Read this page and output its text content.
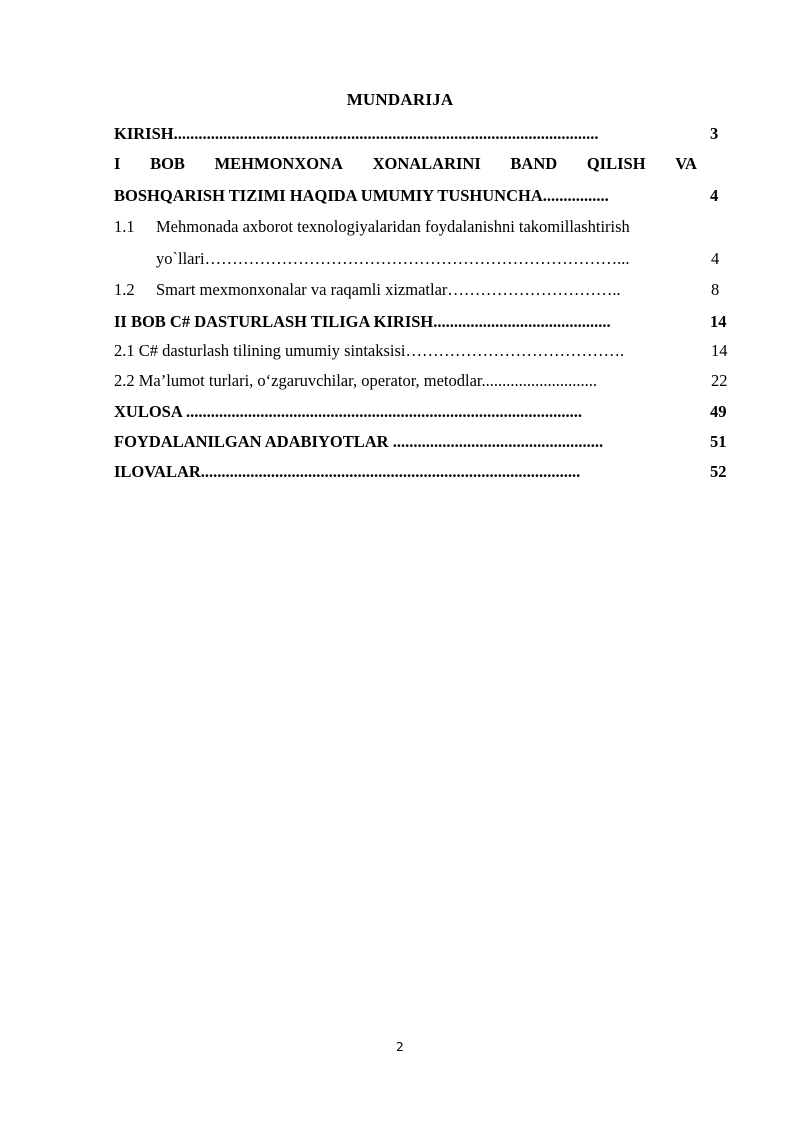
MUNDARIJA
KIRISH.......................................................................................................	3
I BOB MEHMONXONA XONALARINI BAND QILISH VA
BOSHQARISH TIZIMI HAQIDA UMUMIY TUSHUNCHA................	4
1.1 Mehmonada axborot texnologiyalaridan foydalanishni takomillashtirish
yo`llari…………………………………………………………………...	4
1.2 Smart mexmonxonalar va raqamli xizmatlar…………………………..	8
II BOB C# DASTURLASH TILIGA KIRISH...........................................	14
2.1 C# dasturlash tilining umumiy sintaksisi………………………………….	14
2.2 Ma’lumot turlari, o‘zgaruvchilar, operator, metodlar............................	22
XULOSA ................................................................................................	49
FOYDALANILGAN ADABIYOTLAR ...................................................	51
ILOVALAR............................................................................................	52
2
